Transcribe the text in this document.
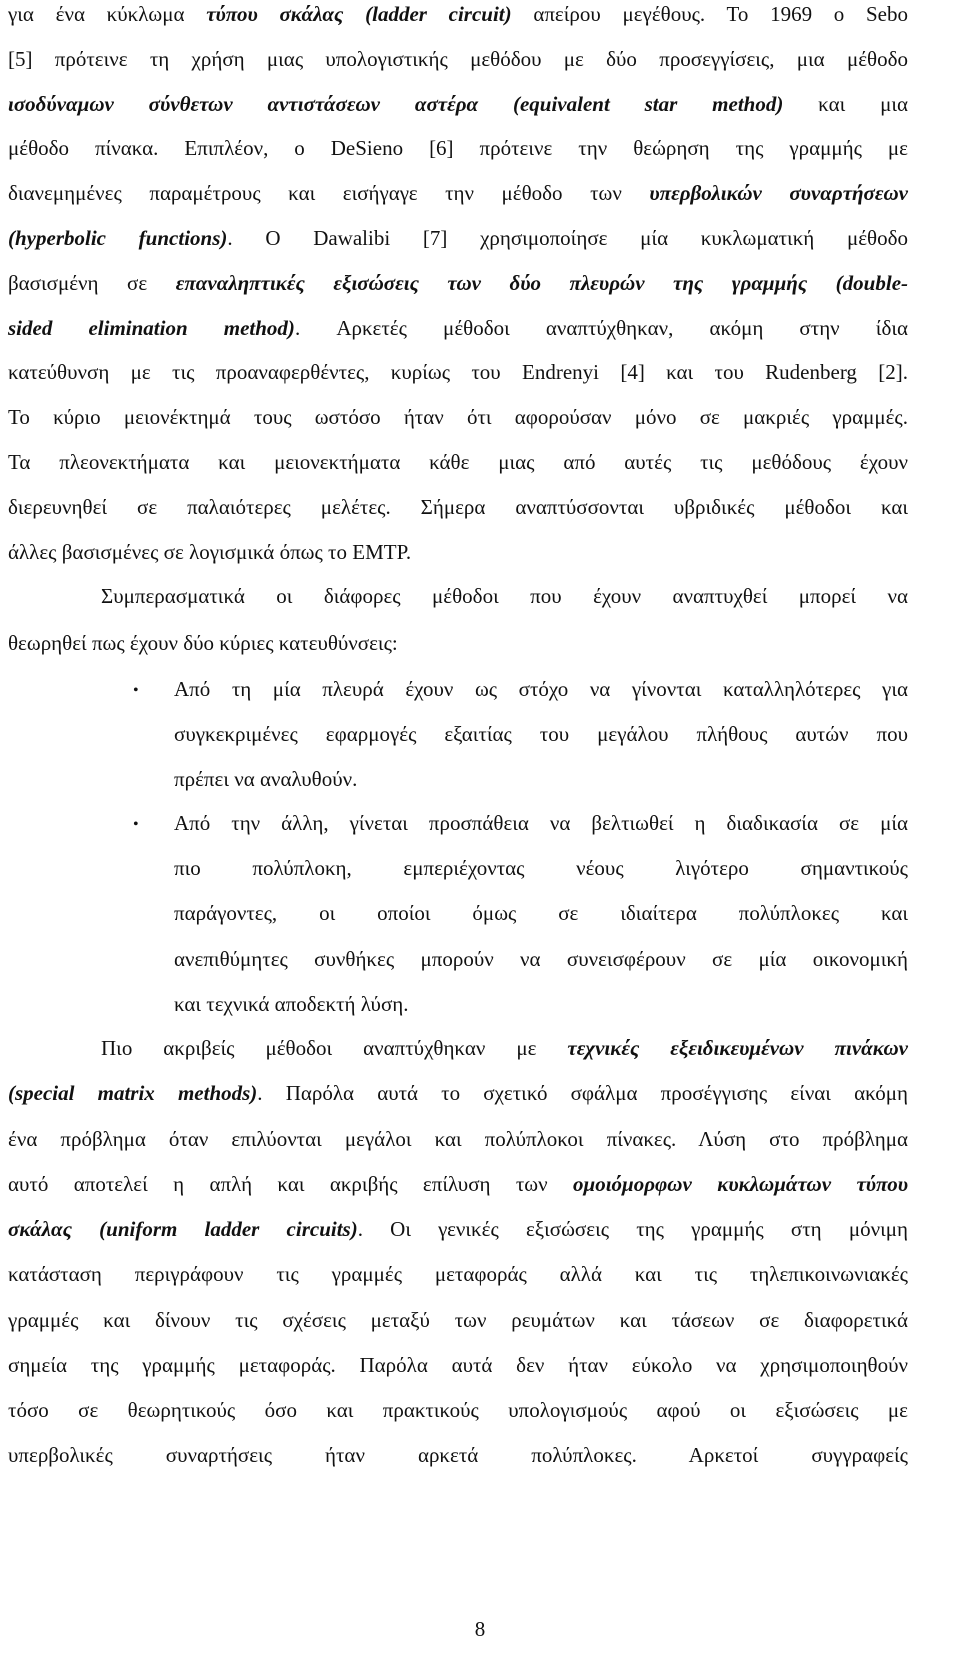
για ένα κύκλωμα τύπου σκάλας (ladder circuit) απείρου μεγέθους. Το 1969 ο Sebo
[5] πρότεινε τη χρήση μιας υπολογιστικής μεθόδου με δύο προσεγγίσεις, μια μέθοδο
ισοδύναμων σύνθετων αντιστάσεων αστέρα (equivalent star method) και μια
μέθοδο πίνακα. Επιπλέον, ο DeSieno [6] πρότεινε την θεώρηση της γραμμής με
διανεμημένες παραμέτρους και εισήγαγε την μέθοδο των υπερβολικών συναρτήσεων
(hyperbolic functions). Ο Dawalibi [7] χρησιμοποίησε μία κυκλωματική μέθοδο
βασισμένη σε επαναληπτικές εξισώσεις των δύο πλευρών της γραμμής (double-
sided elimination method). Αρκετές μέθοδοι αναπτύχθηκαν, ακόμη στην ίδια
κατεύθυνση με τις προαναφερθέντες, κυρίως του Endrenyi [4] και του Rudenberg [2].
Το κύριο μειονέκτημά τους ωστόσο ήταν ότι αφορούσαν μόνο σε μακριές γραμμές.
Τα πλεονεκτήματα και μειονεκτήματα κάθε μιας από αυτές τις μεθόδους έχουν
διερευνηθεί σε παλαιότερες μελέτες. Σήμερα αναπτύσσονται υβριδικές μέθοδοι και
άλλες βασισμένες σε λογισμικά όπως το EMTP.
Συμπερασματικά οι διάφορες μέθοδοι που έχουν αναπτυχθεί μπορεί να
θεωρηθεί πως έχουν δύο κύριες κατευθύνσεις:
• Από τη μία πλευρά έχουν ως στόχο να γίνονται καταλληλότερες για
συγκεκριμένες εφαρμογές εξαιτίας του μεγάλου πλήθους αυτών που
πρέπει να αναλυθούν.
• Από την άλλη, γίνεται προσπάθεια να βελτιωθεί η διαδικασία σε μία
πιο πολύπλοκη, εμπεριέχοντας νέους λιγότερο σημαντικούς
παράγοντες, οι οποίοι όμως σε ιδιαίτερα πολύπλοκες και
ανεπιθύμητες συνθήκες μπορούν να συνεισφέρουν σε μία οικονομική
και τεχνικά αποδεκτή λύση.
Πιο ακριβείς μέθοδοι αναπτύχθηκαν με τεχνικές εξειδικευμένων πινάκων
(special matrix methods). Παρόλα αυτά το σχετικό σφάλμα προσέγγισης είναι ακόμη
ένα πρόβλημα όταν επιλύονται μεγάλοι και πολύπλοκοι πίνακες. Λύση στο πρόβλημα
αυτό αποτελεί η απλή και ακριβής επίλυση των ομοιόμορφων κυκλωμάτων τύπου
σκάλας (uniform ladder circuits). Οι γενικές εξισώσεις της γραμμής στη μόνιμη
κατάσταση περιγράφουν τις γραμμές μεταφοράς αλλά και τις τηλεπικοινωνιακές
γραμμές και δίνουν τις σχέσεις μεταξύ των ρευμάτων και τάσεων σε διαφορετικά
σημεία της γραμμής μεταφοράς. Παρόλα αυτά δεν ήταν εύκολο να χρησιμοποιηθούν
τόσο σε θεωρητικούς όσο και πρακτικούς υπολογισμούς αφού οι εξισώσεις με
υπερβολικές συναρτήσεις ήταν αρκετά πολύπλοκες. Αρκετοί συγγραφείς
8
